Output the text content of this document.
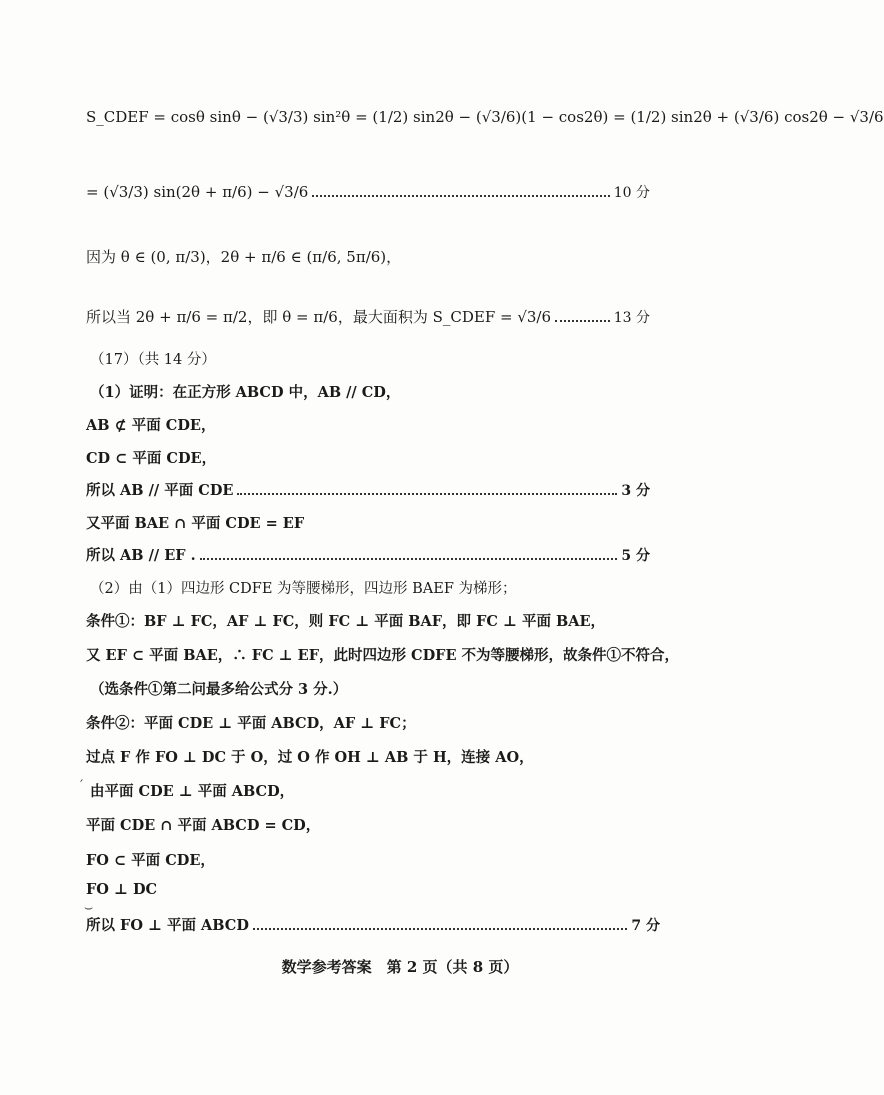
S_CDEF = cosθ sinθ − (√3/3) sin²θ = (1/2) sin2θ − (√3/6)(1 − cos2θ) = (1/2) sin2θ + (√3/6) cos2θ − √3/6
= (√3/3) sin(2θ + π/6) − √3/6	10 分
因为 θ ∈ (0, π/3)，2θ + π/6 ∈ (π/6, 5π/6)，
所以当 2θ + π/6 = π/2，即 θ = π/6，最大面积为 S_CDEF = √3/6	13 分
（17）（共 14 分）
（1）证明：在正方形 ABCD 中，AB // CD，
AB ⊄ 平面 CDE，
CD ⊂ 平面 CDE，
所以 AB // 平面 CDE	3 分
又平面 BAE ∩ 平面 CDE = EF
所以 AB // EF .	5 分
（2）由（1）四边形 CDFE 为等腰梯形，四边形 BAEF 为梯形；
条件①：BF ⊥ FC，AF ⊥ FC，则 FC ⊥ 平面 BAF，即 FC ⊥ 平面 BAE，
又 EF ⊂ 平面 BAE，∴ FC ⊥ EF，此时四边形 CDFE 不为等腰梯形，故条件①不符合，
（选条件①第二问最多给公式分 3 分.）
条件②：平面 CDE ⊥ 平面 ABCD，AF ⊥ FC；
过点 F 作 FO ⊥ DC 于 O，过 O 作 OH ⊥ AB 于 H，连接 AO，
由平面 CDE ⊥ 平面 ABCD，
平面 CDE ∩ 平面 ABCD = CD，
FO ⊂ 平面 CDE，
FO ⊥ DC
所以 FO ⊥ 平面 ABCD	7 分
′
⌣
数学参考答案　第 2 页（共 8 页）
